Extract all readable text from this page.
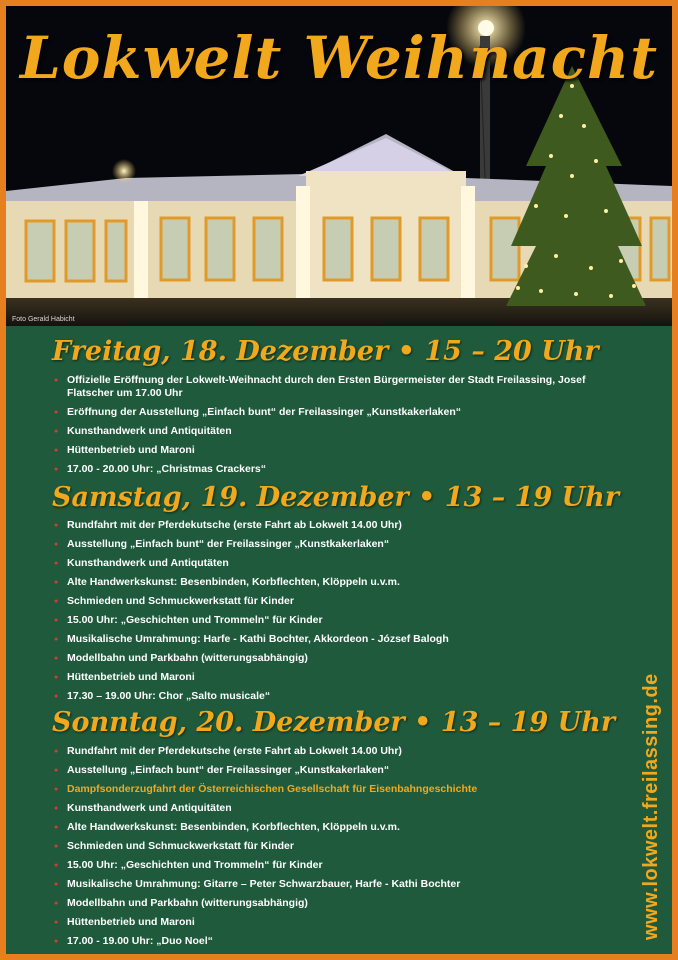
Lokwelt Weihnacht
Foto Gerald Habicht
Freitag, 18. Dezember • 15 – 20 Uhr
● Offizielle Eröffnung der Lokwelt-Weihnacht durch den Ersten Bürgermeister der Stadt Freilassing, Josef Flatscher um 17.00 Uhr
● Eröffnung der Ausstellung „Einfach bunt“ der Freilassinger „Kunstkakerlaken“
● Kunsthandwerk und Antiquitäten
● Hüttenbetrieb und Maroni
● 17.00 - 20.00 Uhr: „Christmas Crackers“
Samstag, 19. Dezember • 13 – 19 Uhr
● Rundfahrt mit der Pferdekutsche (erste Fahrt ab Lokwelt 14.00 Uhr)
● Ausstellung „Einfach bunt“ der Freilassinger „Kunstkakerlaken“
● Kunsthandwerk und Antiqutäten
● Alte Handwerkskunst: Besenbinden, Korbflechten, Klöppeln u.v.m.
● Schmieden und Schmuckwerkstatt für Kinder
● 15.00 Uhr: „Geschichten und Trommeln“ für Kinder
● Musikalische Umrahmung: Harfe - Kathi Bochter, Akkordeon - József Balogh
● Modellbahn und Parkbahn (witterungsabhängig)
● Hüttenbetrieb und Maroni
● 17.30 – 19.00 Uhr: Chor „Salto musicale“
Sonntag, 20. Dezember • 13 – 19 Uhr
● Rundfahrt mit der Pferdekutsche (erste Fahrt ab Lokwelt 14.00 Uhr)
● Ausstellung „Einfach bunt“ der Freilassinger „Kunstkakerlaken“
● Dampfsonderzugfahrt der Österreichischen Gesellschaft für Eisenbahngeschichte
● Kunsthandwerk und Antiquitäten
● Alte Handwerkskunst: Besenbinden, Korbflechten, Klöppeln u.v.m.
● Schmieden und Schmuckwerkstatt für Kinder
● 15.00 Uhr: „Geschichten und Trommeln“ für Kinder
● Musikalische Umrahmung: Gitarre – Peter Schwarzbauer, Harfe - Kathi Bochter
● Modellbahn und Parkbahn (witterungsabhängig)
● Hüttenbetrieb und Maroni
● 17.00 - 19.00 Uhr: „Duo Noel“
www.lokwelt.freilassing.de
